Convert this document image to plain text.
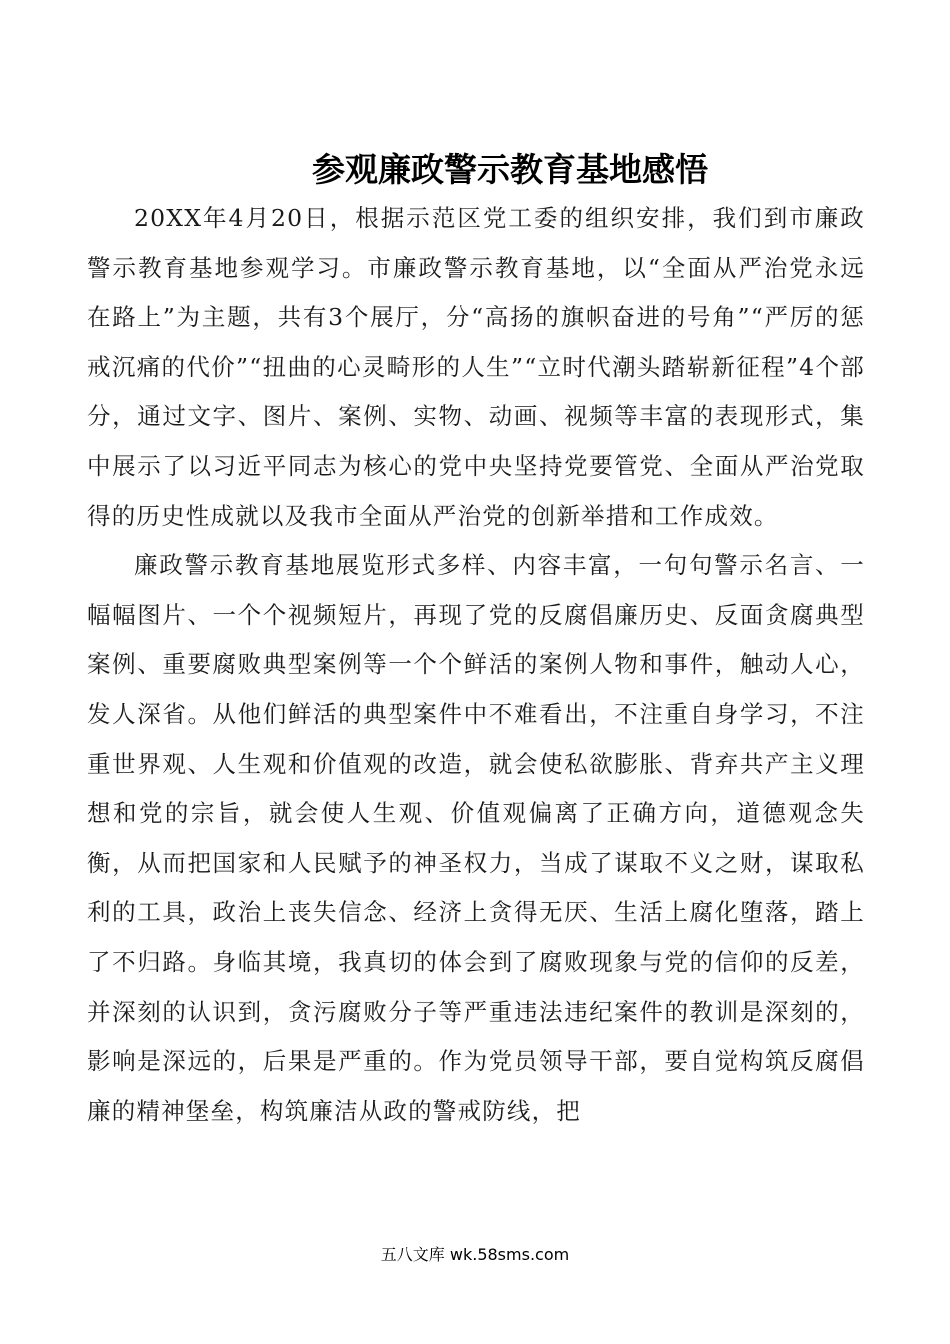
参观廉政警示教育基地感悟

20XX年4月20日，根据示范区党工委的组织安排，我们到市廉政警示教育基地参观学习。市廉政警示教育基地，以“全面从严治党永远在路上”为主题，共有3个展厅，分“高扬的旗帜奋进的号角”“严厉的惩戒沉痛的代价”“扭曲的心灵畸形的人生”“立时代潮头踏崭新征程”4个部分，通过文字、图片、案例、实物、动画、视频等丰富的表现形式，集中展示了以习近平同志为核心的党中央坚持党要管党、全面从严治党取得的历史性成就以及我市全面从严治党的创新举措和工作成效。

廉政警示教育基地展览形式多样、内容丰富，一句句警示名言、一幅幅图片、一个个视频短片，再现了党的反腐倡廉历史、反面贪腐典型案例、重要腐败典型案例等一个个鲜活的案例人物和事件，触动人心，发人深省。从他们鲜活的典型案件中不难看出，不注重自身学习，不注重世界观、人生观和价值观的改造，就会使私欲膨胀、背弃共产主义理想和党的宗旨，就会使人生观、价值观偏离了正确方向，道德观念失衡，从而把国家和人民赋予的神圣权力，当成了谋取不义之财，谋取私利的工具，政治上丧失信念、经济上贪得无厌、生活上腐化堕落，踏上了不归路。身临其境，我真切的体会到了腐败现象与党的信仰的反差，并深刻的认识到，贪污腐败分子等严重违法违纪案件的教训是深刻的，影响是深远的，后果是严重的。作为党员领导干部，要自觉构筑反腐倡廉的精神堡垒，构筑廉洁从政的警戒防线，把

五八文库 wk.58sms.com
